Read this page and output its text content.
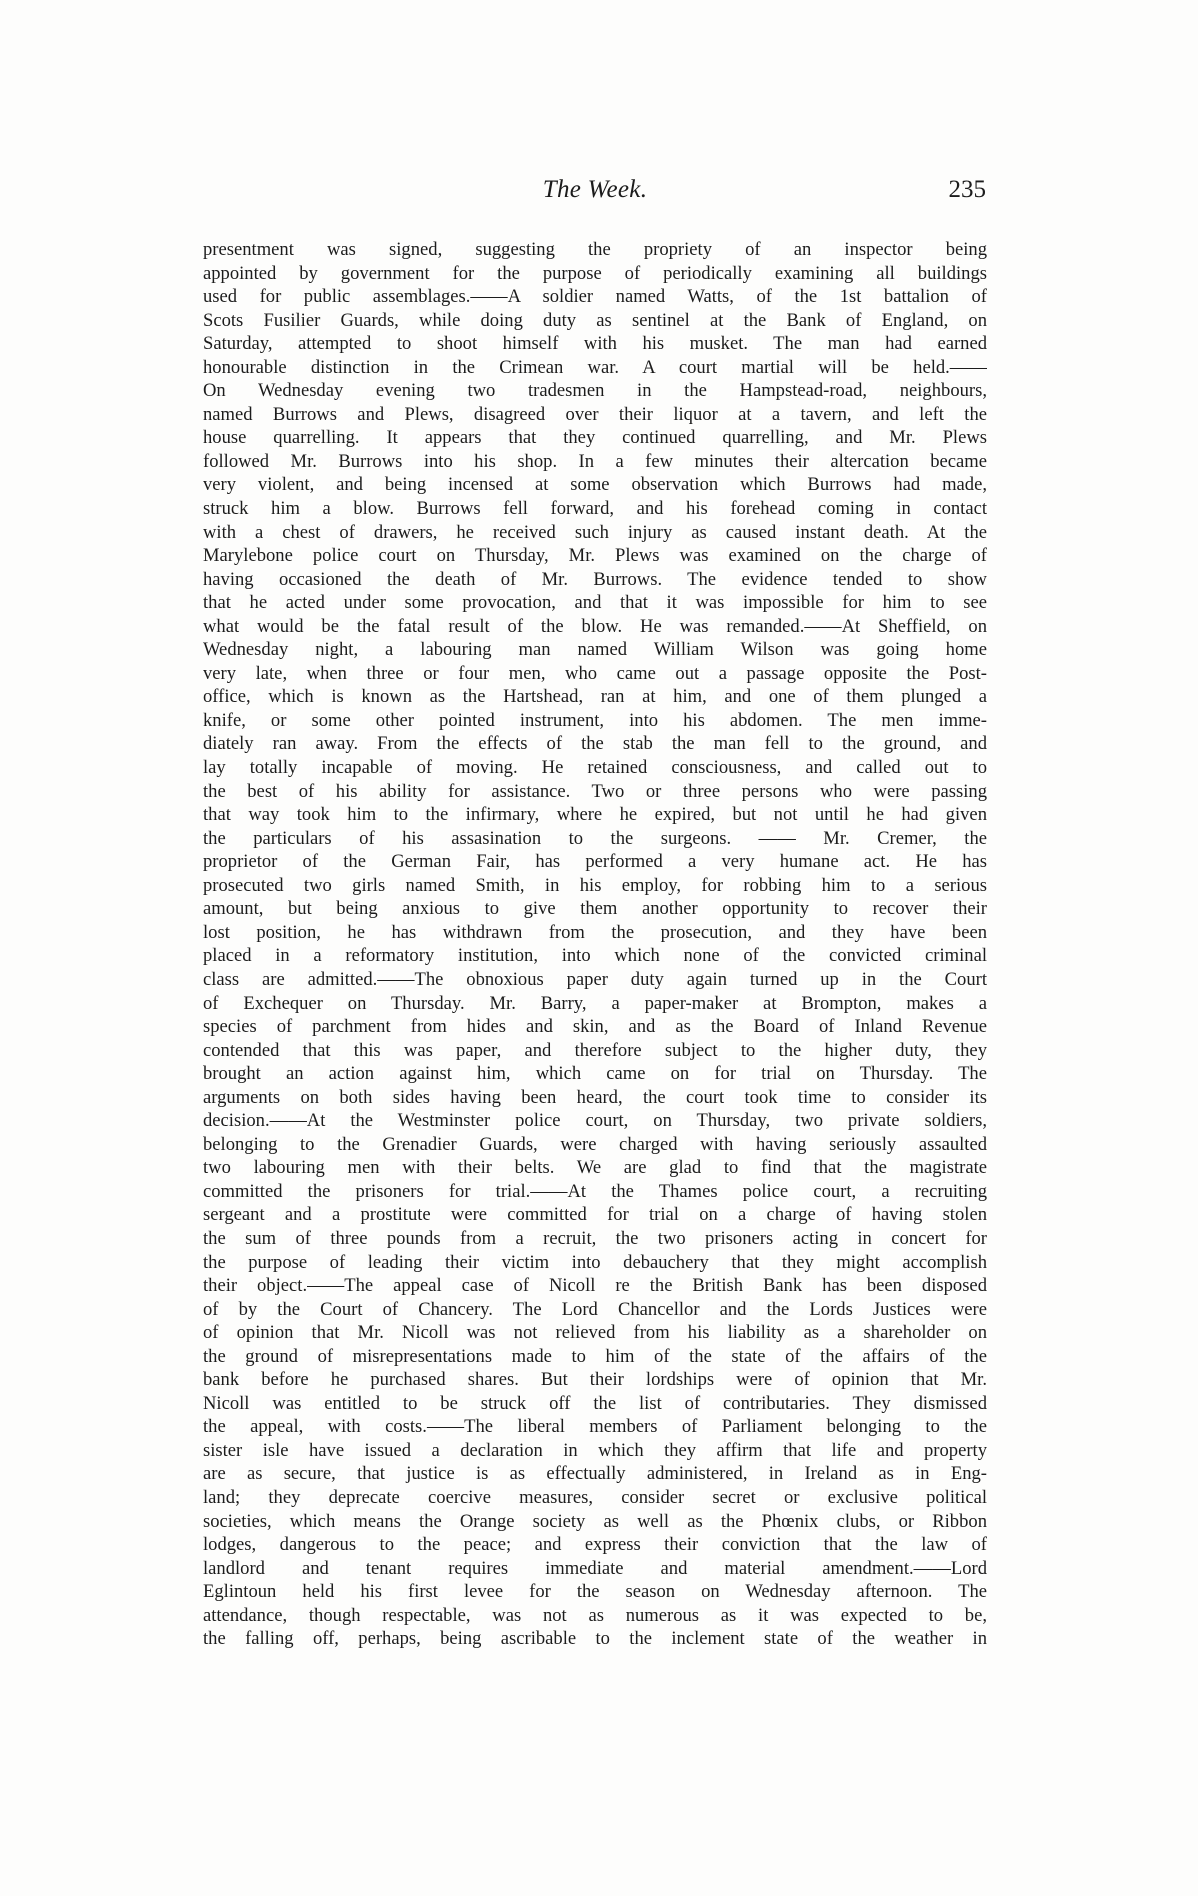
The Week.	235
presentment was signed, suggesting the propriety of an inspector being
appointed by government for the purpose of periodically examining all buildings
used for public assemblages.——A soldier named Watts, of the 1st battalion of
Scots Fusilier Guards, while doing duty as sentinel at the Bank of England, on
Saturday, attempted to shoot himself with his musket. The man had earned
honourable distinction in the Crimean war. A court martial will be held.——
On Wednesday evening two tradesmen in the Hampstead-road, neighbours,
named Burrows and Plews, disagreed over their liquor at a tavern, and left the
house quarrelling. It appears that they continued quarrelling, and Mr. Plews
followed Mr. Burrows into his shop. In a few minutes their altercation became
very violent, and being incensed at some observation which Burrows had made,
struck him a blow. Burrows fell forward, and his forehead coming in contact
with a chest of drawers, he received such injury as caused instant death. At the
Marylebone police court on Thursday, Mr. Plews was examined on the charge of
having occasioned the death of Mr. Burrows. The evidence tended to show
that he acted under some provocation, and that it was impossible for him to see
what would be the fatal result of the blow. He was remanded.——At Sheffield, on
Wednesday night, a labouring man named William Wilson was going home
very late, when three or four men, who came out a passage opposite the Post-
office, which is known as the Hartshead, ran at him, and one of them plunged a
knife, or some other pointed instrument, into his abdomen. The men imme-
diately ran away. From the effects of the stab the man fell to the ground, and
lay totally incapable of moving. He retained consciousness, and called out to
the best of his ability for assistance. Two or three persons who were passing
that way took him to the infirmary, where he expired, but not until he had given
the particulars of his assasination to the surgeons. —— Mr. Cremer, the
proprietor of the German Fair, has performed a very humane act. He has
prosecuted two girls named Smith, in his employ, for robbing him to a serious
amount, but being anxious to give them another opportunity to recover their
lost position, he has withdrawn from the prosecution, and they have been
placed in a reformatory institution, into which none of the convicted criminal
class are admitted.——The obnoxious paper duty again turned up in the Court
of Exchequer on Thursday. Mr. Barry, a paper-maker at Brompton, makes a
species of parchment from hides and skin, and as the Board of Inland Revenue
contended that this was paper, and therefore subject to the higher duty, they
brought an action against him, which came on for trial on Thursday. The
arguments on both sides having been heard, the court took time to consider its
decision.——At the Westminster police court, on Thursday, two private soldiers,
belonging to the Grenadier Guards, were charged with having seriously assaulted
two labouring men with their belts. We are glad to find that the magistrate
committed the prisoners for trial.——At the Thames police court, a recruiting
sergeant and a prostitute were committed for trial on a charge of having stolen
the sum of three pounds from a recruit, the two prisoners acting in concert for
the purpose of leading their victim into debauchery that they might accomplish
their object.——The appeal case of Nicoll re the British Bank has been disposed
of by the Court of Chancery. The Lord Chancellor and the Lords Justices were
of opinion that Mr. Nicoll was not relieved from his liability as a shareholder on
the ground of misrepresentations made to him of the state of the affairs of the
bank before he purchased shares. But their lordships were of opinion that Mr.
Nicoll was entitled to be struck off the list of contributaries. They dismissed
the appeal, with costs.——The liberal members of Parliament belonging to the
sister isle have issued a declaration in which they affirm that life and property
are as secure, that justice is as effectually administered, in Ireland as in Eng-
land; they deprecate coercive measures, consider secret or exclusive political
societies, which means the Orange society as well as the Phœnix clubs, or Ribbon
lodges, dangerous to the peace; and express their conviction that the law of
landlord and tenant requires immediate and material amendment.——Lord
Eglintoun held his first levee for the season on Wednesday afternoon. The
attendance, though respectable, was not as numerous as it was expected to be,
the falling off, perhaps, being ascribable to the inclement state of the weather in
